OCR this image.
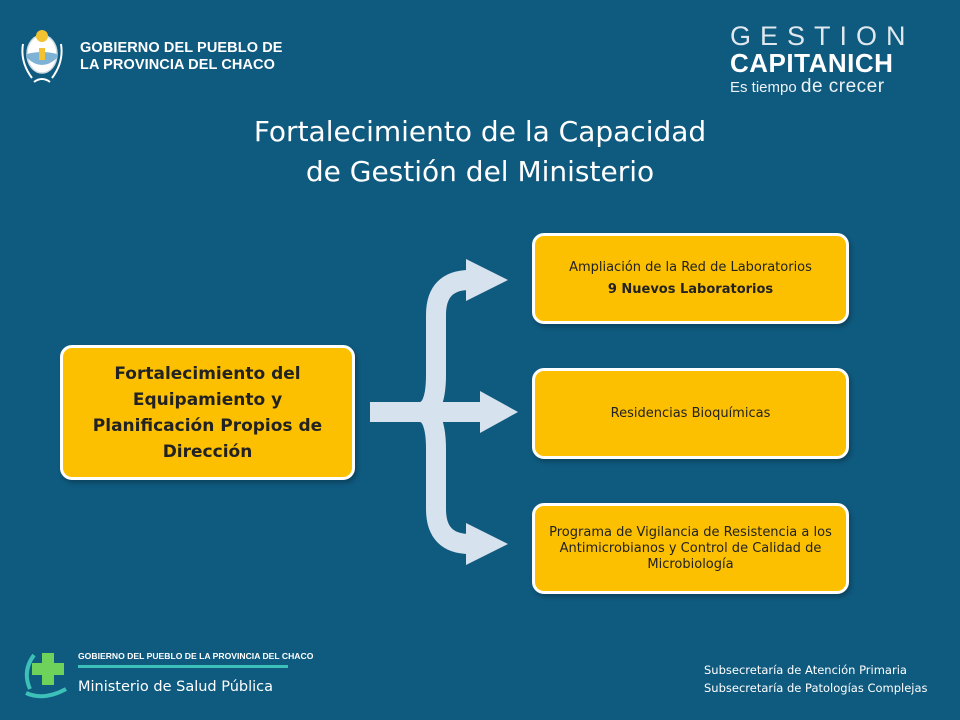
GOBIERNO DEL PUEBLO DE
LA PROVINCIA DEL CHACO
GESTION
CAPITANICH
Es tiempo de crecer
Fortalecimiento de la Capacidad
de Gestión del Ministerio
Fortalecimiento del Equipamiento y Planificación Propios de Dirección
Ampliación de la Red de Laboratorios
9 Nuevos Laboratorios
Residencias Bioquímicas
Programa de Vigilancia de Resistencia a los Antimicrobianos y Control de Calidad de Microbiología
GOBIERNO DEL PUEBLO DE LA PROVINCIA DEL CHACO
Ministerio de Salud Pública
Subsecretaría de Atención Primaria
Subsecretaría de Patologías Complejas
